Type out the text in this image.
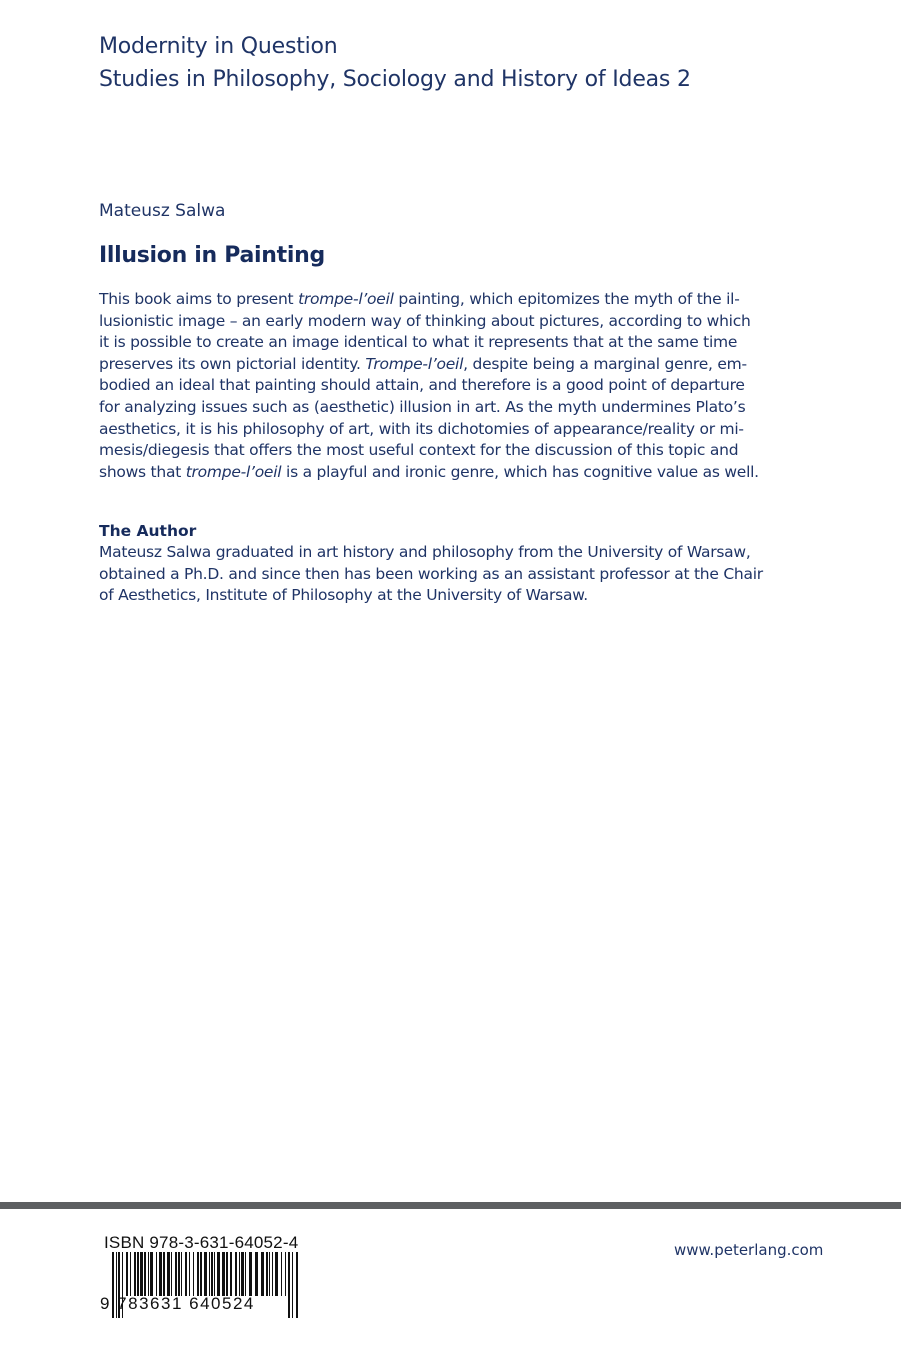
Modernity in Question
Studies in Philosophy, Sociology and History of Ideas 2
Mateusz Salwa
Illusion in Painting
This book aims to present trompe-l’oeil painting, which epitomizes the myth of the il-
lusionistic image – an early modern way of thinking about pictures, according to which
it is possible to create an image identical to what it represents that at the same time
preserves its own pictorial identity. Trompe-l’oeil, despite being a marginal genre, em-
bodied an ideal that painting should attain, and therefore is a good point of departure
for analyzing issues such as (aesthetic) illusion in art. As the myth undermines Plato’s
aesthetics, it is his philosophy of art, with its dichotomies of appearance/reality or mi-
mesis/diegesis that offers the most useful context for the discussion of this topic and
shows that trompe-l’oeil is a playful and ironic genre, which has cognitive value as well.
The Author
Mateusz Salwa graduated in art history and philosophy from the University of Warsaw,
obtained a Ph.D. and since then has been working as an assistant professor at the Chair
of Aesthetics, Institute of Philosophy at the University of Warsaw.
ISBN 978-3-631-64052-4
9 783631 640524
www.peterlang.com
